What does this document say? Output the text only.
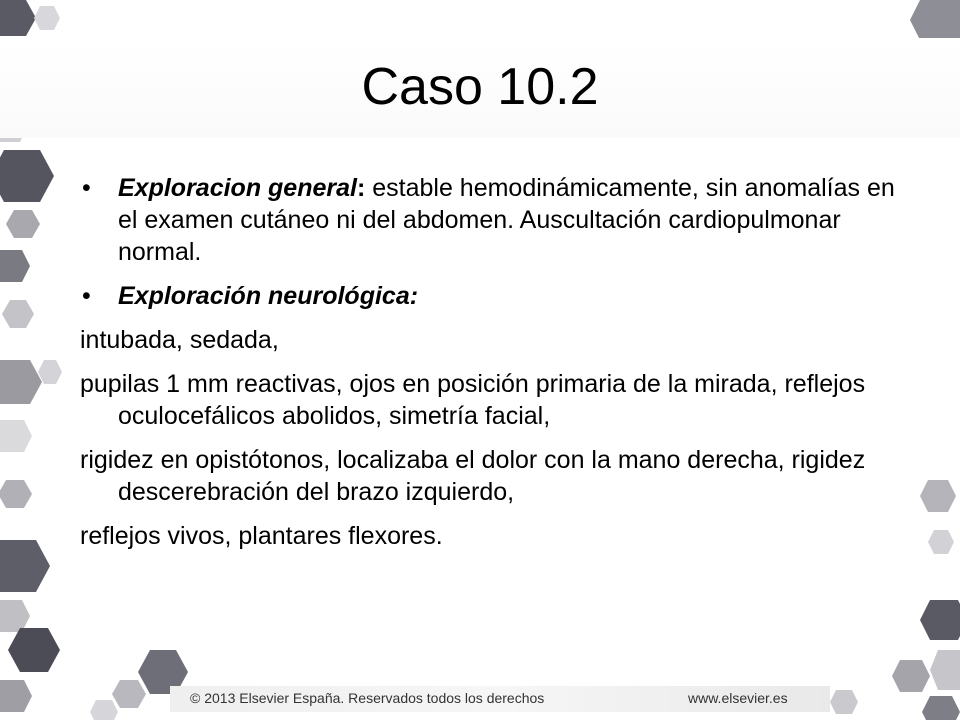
Caso 10.2
• Exploracion general: estable hemodinámicamente, sin anomalías en el examen cutáneo ni del abdomen. Auscultación cardiopulmonar normal.
• Exploración neurológica:
intubada, sedada,
pupilas 1 mm reactivas, ojos en posición primaria de la mirada, reflejos oculocefálicos abolidos, simetría facial,
rigidez en opistótonos, localizaba el dolor con la mano derecha, rigidez descerebración del brazo izquierdo,
reflejos vivos, plantares flexores.
© 2013 Elsevier España. Reservados todos los derechos	www.elsevier.es
